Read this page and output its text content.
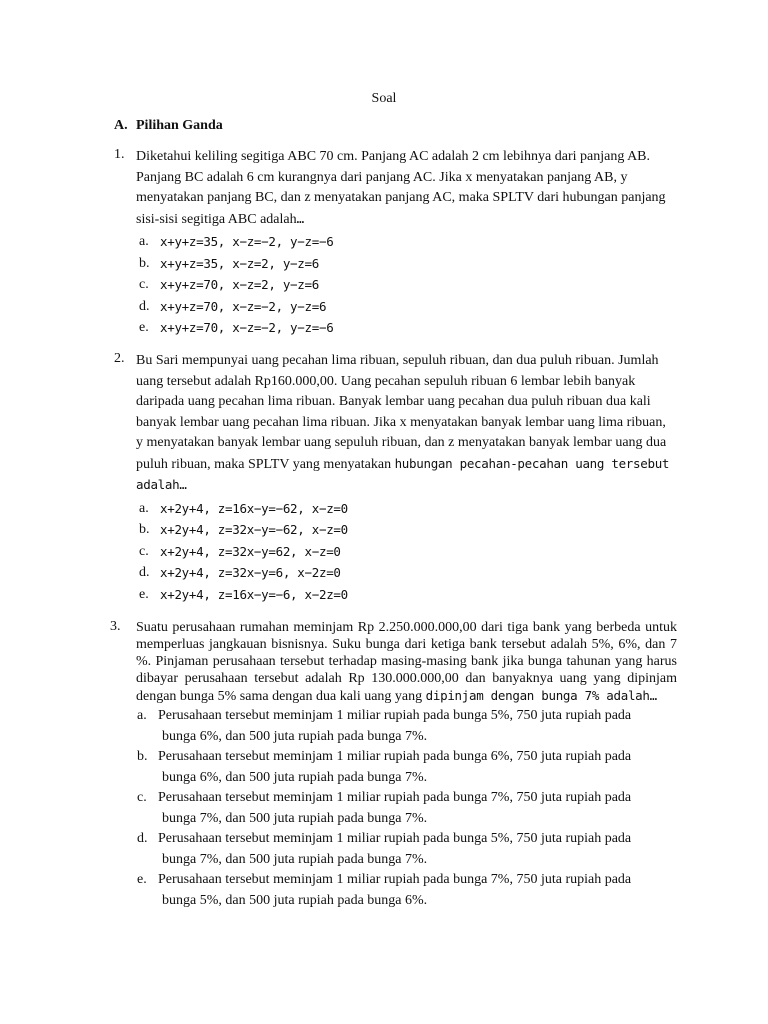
Soal
A. Pilihan Ganda
1. Diketahui keliling segitiga ABC 70 cm. Panjang AC adalah 2 cm lebihnya dari panjang AB. Panjang BC adalah 6 cm kurangnya dari panjang AC. Jika x menyatakan panjang AB, y menyatakan panjang BC, dan z menyatakan panjang AC, maka SPLTV dari hubungan panjang sisi-sisi segitiga ABC adalah…
a. x+y+z=35, x−z=−2, y−z=−6
b. x+y+z=35, x−z=2, y−z=6
c. x+y+z=70, x−z=2, y−z=6
d. x+y+z=70, x−z=−2, y−z=6
e. x+y+z=70, x−z=−2, y−z=−6
2. Bu Sari mempunyai uang pecahan lima ribuan, sepuluh ribuan, dan dua puluh ribuan. Jumlah uang tersebut adalah Rp160.000,00. Uang pecahan sepuluh ribuan 6 lembar lebih banyak daripada uang pecahan lima ribuan. Banyak lembar uang pecahan dua puluh ribuan dua kali banyak lembar uang pecahan lima ribuan. Jika x menyatakan banyak lembar uang lima ribuan, y menyatakan banyak lembar uang sepuluh ribuan, dan z menyatakan banyak lembar uang dua puluh ribuan, maka SPLTV yang menyatakan hubungan pecahan-pecahan uang tersebut adalah…
a. x+2y+4, z=16x−y=−62, x−z=0
b. x+2y+4, z=32x−y=−62, x−z=0
c. x+2y+4, z=32x−y=62, x−z=0
d. x+2y+4, z=32x−y=6, x−2z=0
e. x+2y+4, z=16x−y=−6, x−2z=0
3. Suatu perusahaan rumahan meminjam Rp 2.250.000.000,00 dari tiga bank yang berbeda untuk memperluas jangkauan bisnisnya. Suku bunga dari ketiga bank tersebut adalah 5%, 6%, dan 7 %. Pinjaman perusahaan tersebut terhadap masing-masing bank jika bunga tahunan yang harus dibayar perusahaan tersebut adalah Rp 130.000.000,00 dan banyaknya uang yang dipinjam dengan bunga 5% sama dengan dua kali uang yang dipinjam dengan bunga 7% adalah…
a. Perusahaan tersebut meminjam 1 miliar rupiah pada bunga 5%, 750 juta rupiah pada
bunga 6%, dan 500 juta rupiah pada bunga 7%.
b. Perusahaan tersebut meminjam 1 miliar rupiah pada bunga 6%, 750 juta rupiah pada
bunga 6%, dan 500 juta rupiah pada bunga 7%.
c. Perusahaan tersebut meminjam 1 miliar rupiah pada bunga 7%, 750 juta rupiah pada
bunga 7%, dan 500 juta rupiah pada bunga 7%.
d. Perusahaan tersebut meminjam 1 miliar rupiah pada bunga 5%, 750 juta rupiah pada
bunga 7%, dan 500 juta rupiah pada bunga 7%.
e. Perusahaan tersebut meminjam 1 miliar rupiah pada bunga 7%, 750 juta rupiah pada
bunga 5%, dan 500 juta rupiah pada bunga 6%.
